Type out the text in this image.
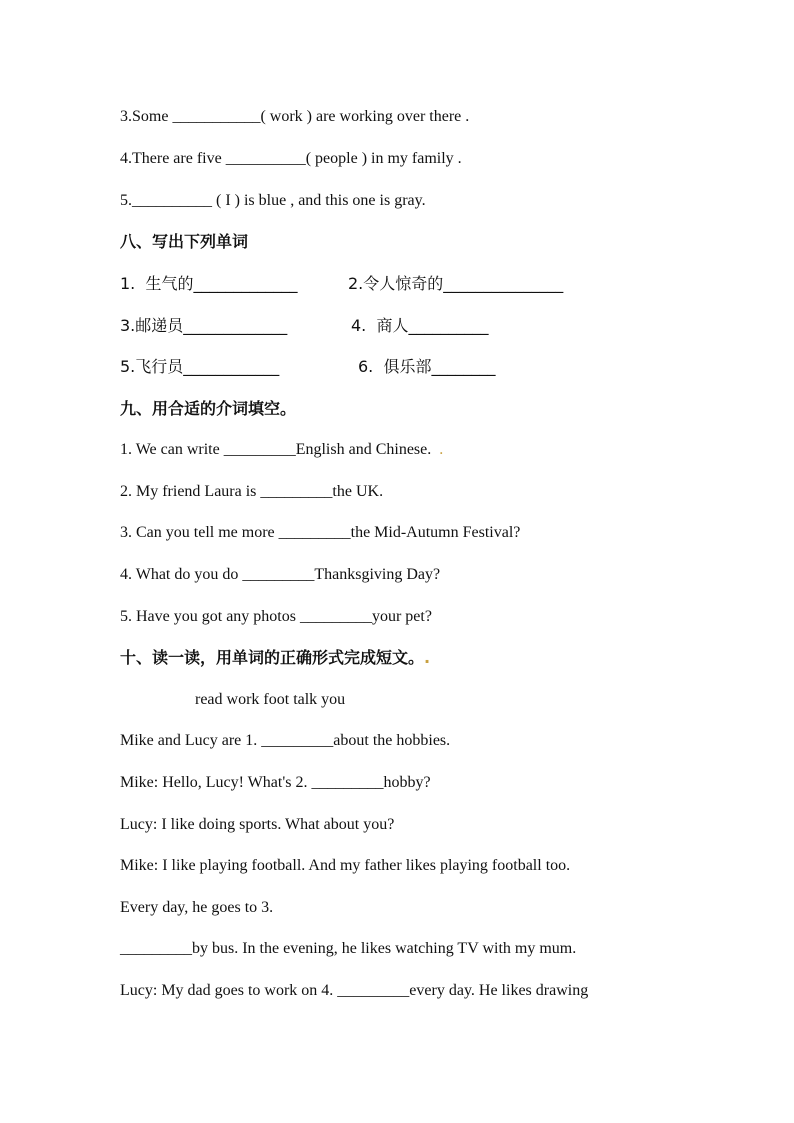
3.Some ___________( work ) are working over there .
4.There are five __________( people ) in my family .
5.__________ ( I ) is blue , and this one is gray.
八、写出下列单词
1.  生气的_____________	2.令人惊奇的_______________
3.邮递员_____________	4.  商人__________
5.飞行员____________	6.  俱乐部________
九、用合适的介词填空。
1. We can write _________English and Chinese. .
2. My friend Laura is _________the UK.
3. Can you tell me more _________the Mid-Autumn Festival?
4. What do you do _________Thanksgiving Day?
5. Have you got any photos _________your pet?
十、读一读，用单词的正确形式完成短文。.
read work foot talk you
Mike and Lucy are 1. _________about the hobbies.
Mike: Hello, Lucy! What's 2. _________hobby?
Lucy: I like doing sports. What about you?
Mike: I like playing football. And my father likes playing football too.
Every day, he goes to 3.
_________by bus. In the evening, he likes watching TV with my mum.
Lucy: My dad goes to work on 4. _________every day. He likes drawing
